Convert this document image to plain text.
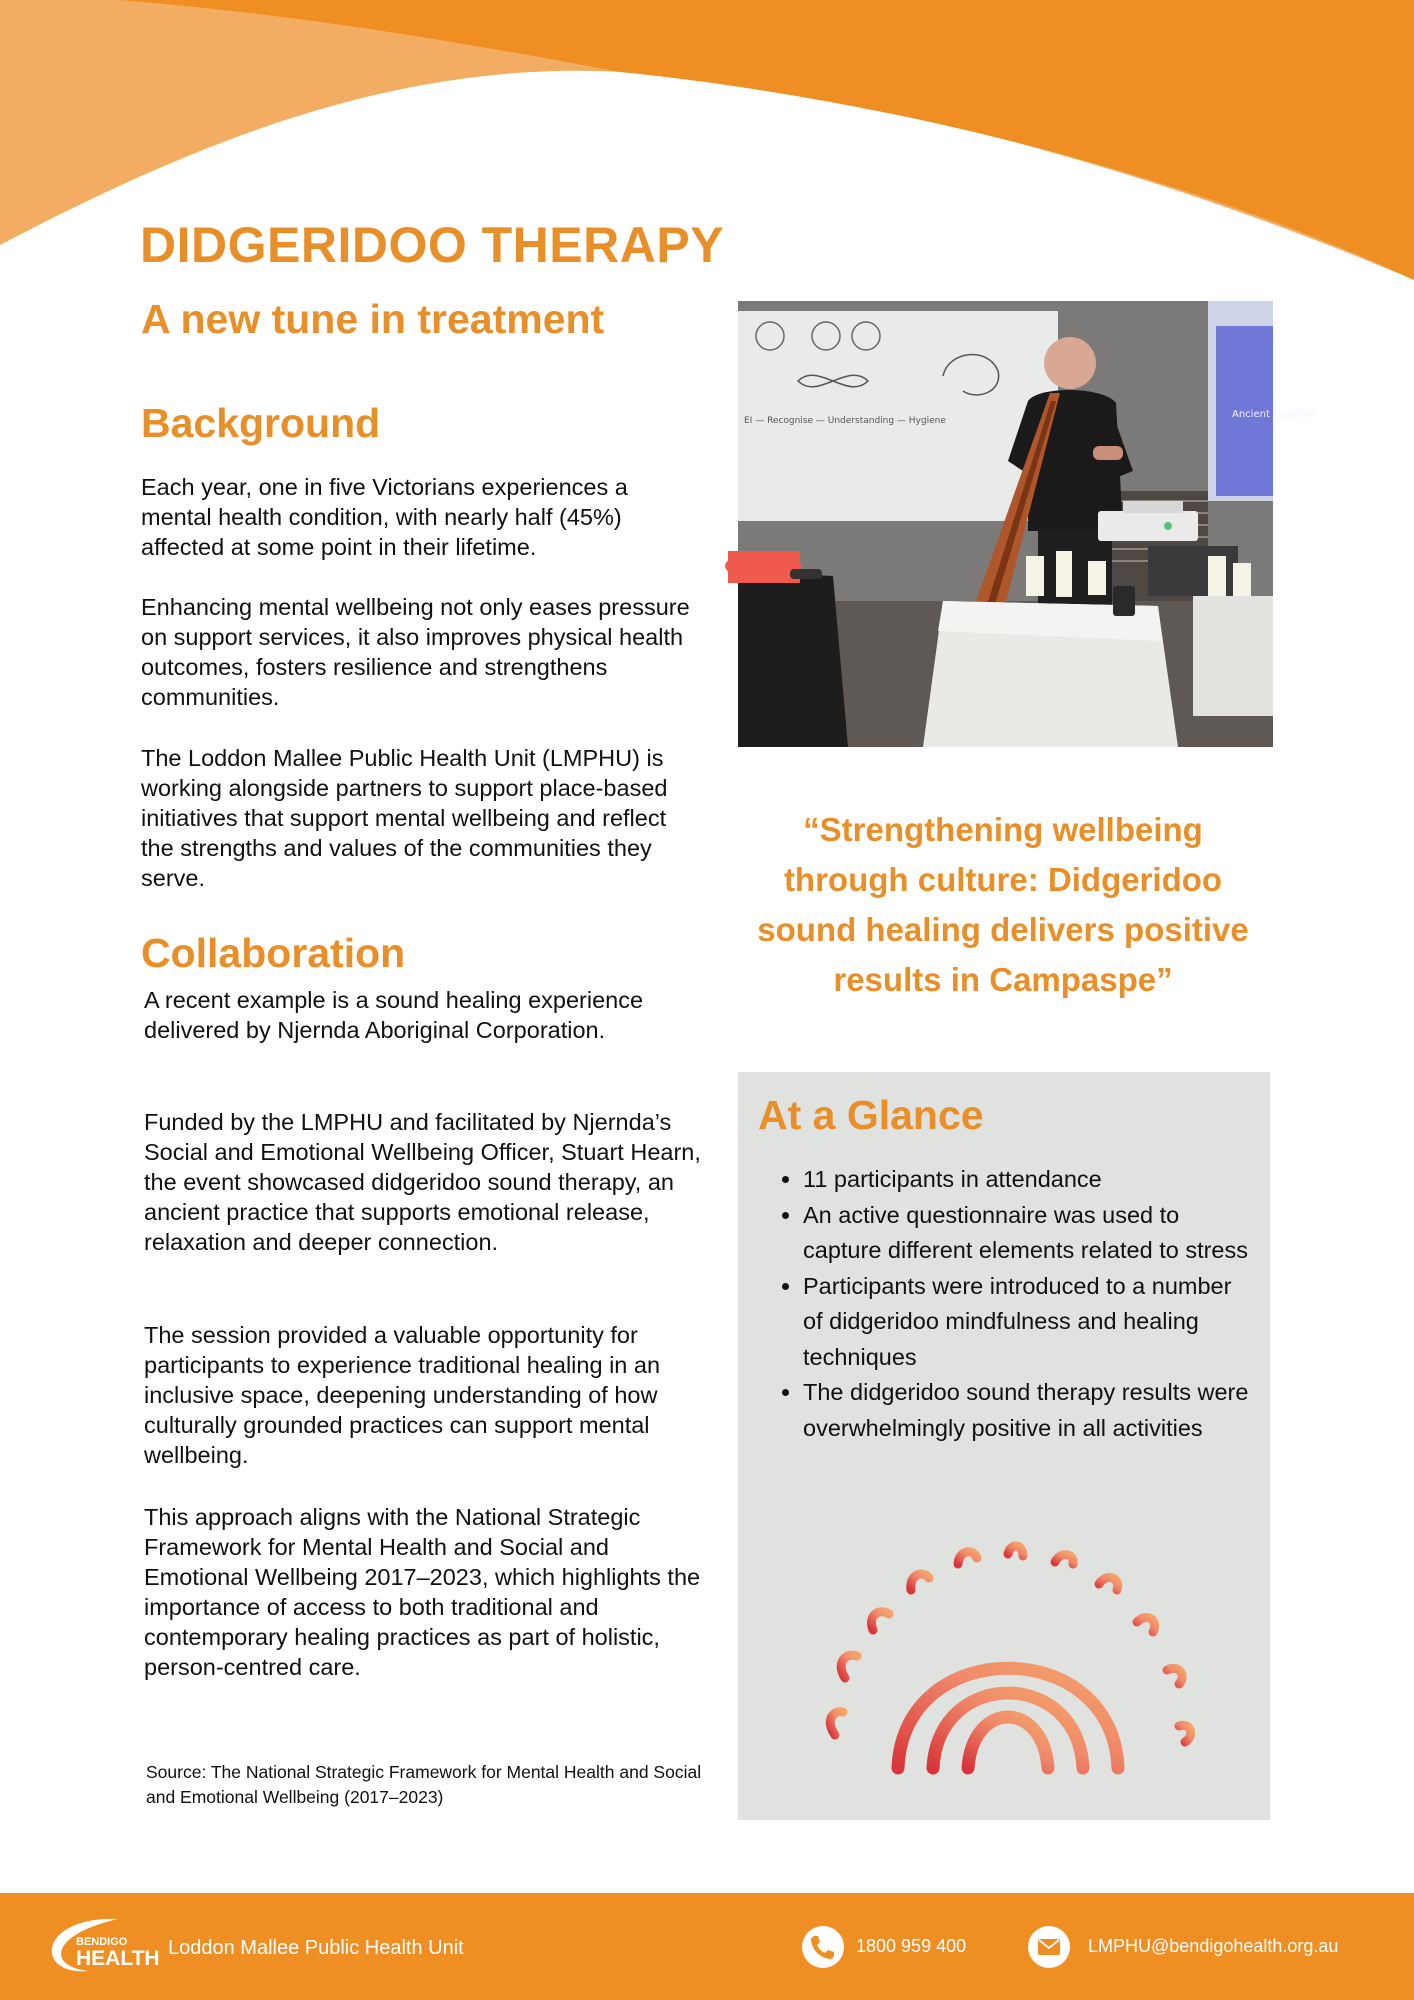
DIDGERIDOO THERAPY
A new tune in treatment
Background

Each year, one in five Victorians experiences a mental health condition, with nearly half (45%) affected at some point in their lifetime.

Enhancing mental wellbeing not only eases pressure on support services, it also improves physical health outcomes, fosters resilience and strengthens communities.

The Loddon Mallee Public Health Unit (LMPHU) is working alongside partners to support place-based initiatives that support mental wellbeing and reflect the strengths and values of the communities they serve.

Collaboration

A recent example is a sound healing experience delivered by Njernda Aboriginal Corporation.

Funded by the LMPHU and facilitated by Njernda’s Social and Emotional Wellbeing Officer, Stuart Hearn, the event showcased didgeridoo sound therapy, an ancient practice that supports emotional release, relaxation and deeper connection.

The session provided a valuable opportunity for participants to experience traditional healing in an inclusive space, deepening understanding of how culturally grounded practices can support mental wellbeing.

This approach aligns with the National Strategic Framework for Mental Health and Social and Emotional Wellbeing 2017–2023, which highlights the importance of access to both traditional and contemporary healing practices as part of holistic, person-centred care.

Source: The National Strategic Framework for Mental Health and Social and Emotional Wellbeing (2017–2023)

EI — Recognise — Understanding — Hygiene
Ancient Tradition

“Strengthening wellbeing through culture: Didgeridoo sound healing delivers positive results in Campaspe”

At a Glance
• 11 participants in attendance
• An active questionnaire was used to capture different elements related to stress
• Participants were introduced to a number of didgeridoo mindfulness and healing techniques
• The didgeridoo sound therapy results were overwhelmingly positive in all activities
BENDIGO
HEALTH Loddon Mallee Public Health Unit	1800 959 400	LMPHU@bendigohealth.org.au
